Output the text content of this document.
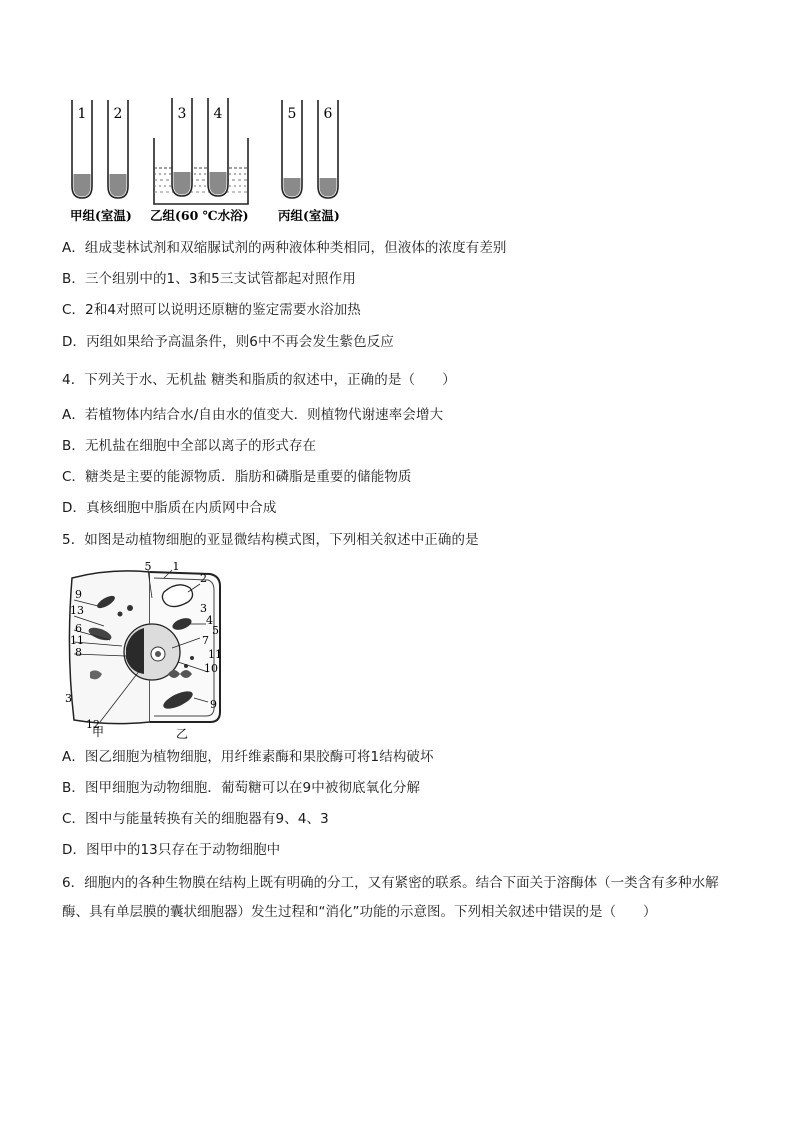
1 2	3 4	5 6
甲组(室温) 乙组(60 ℃水浴) 丙组(室温)
A．组成斐林试剂和双缩脲试剂的两种液体种类相同，但液体的浓度有差别
B．三个组别中的1、3和5三支试管都起对照作用
C．2和4对照可以说明还原糖的鉴定需要水浴加热
D．丙组如果给予高温条件，则6中不再会发生紫色反应
4．下列关于水、无机盐 糖类和脂质的叙述中，正确的是（　　）
A．若植物体内结合水/自由水的值变大．则植物代谢速率会增大
B．无机盐在细胞中全部以离子的形式存在
C．糖类是主要的能源物质．脂肪和磷脂是重要的储能物质
D．真核细胞中脂质在内质网中合成
5．如图是动植物细胞的亚显微结构模式图，下列相关叙述中正确的是
9
13
6
11
8
3
12
5 1
2
3
4
5
7
11
10
9
甲	乙
A．图乙细胞为植物细胞，用纤维素酶和果胶酶可将1结构破坏
B．图甲细胞为动物细胞．葡萄糖可以在9中被彻底氧化分解
C．图中与能量转换有关的细胞器有9、4、3
D．图甲中的13只存在于动物细胞中
6．细胞内的各种生物膜在结构上既有明确的分工，又有紧密的联系。结合下面关于溶酶体（一类含有多种水解酶、具有单层膜的囊状细胞器）发生过程和“消化”功能的示意图。下列相关叙述中错误的是（　　）
